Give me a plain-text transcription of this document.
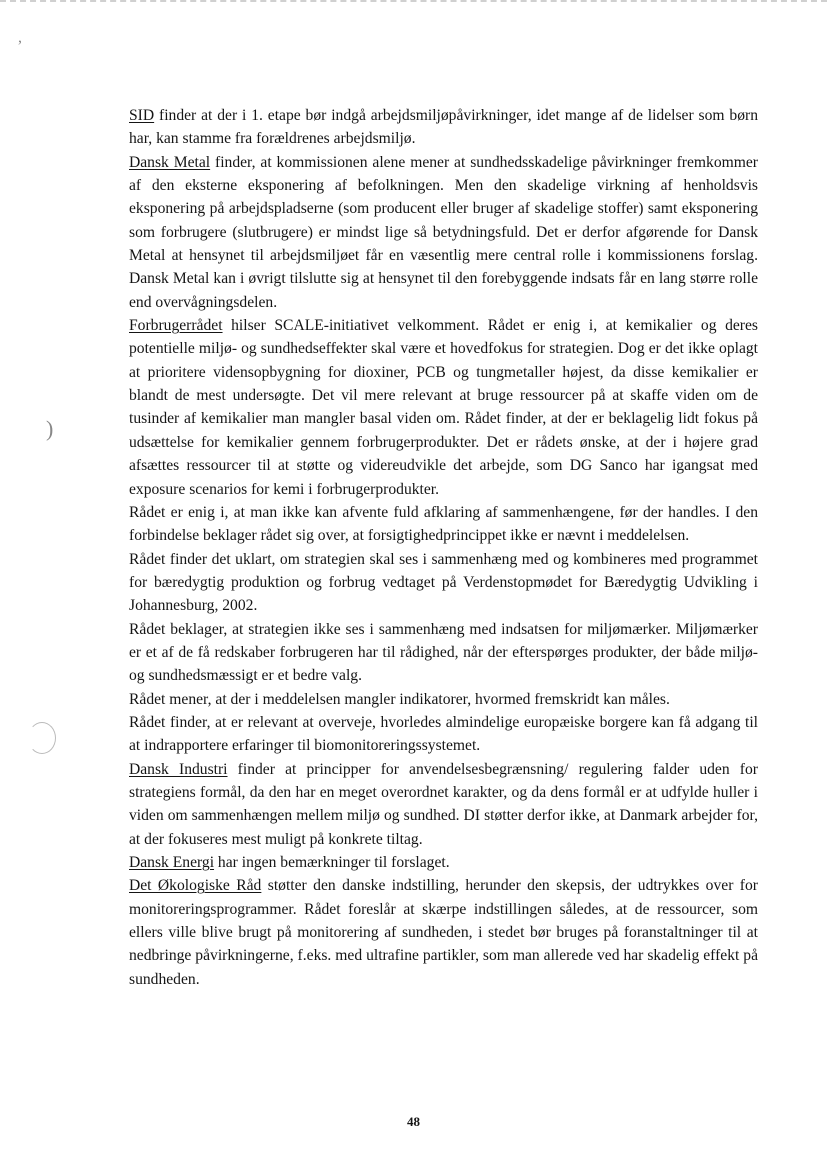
,
)

SID finder at der i 1. etape bør indgå arbejdsmiljøpåvirkninger, idet mange af de lidelser som børn har, kan stamme fra forældrenes arbejdsmiljø.

Dansk Metal finder, at kommissionen alene mener at sundhedsskadelige påvirkninger fremkommer af den eksterne eksponering af befolkningen. Men den skadelige virkning af henholdsvis eksponering på arbejdspladserne (som producent eller bruger af skadelige stoffer) samt eksponering som forbrugere (slutbrugere) er mindst lige så betydningsfuld. Det er derfor afgørende for Dansk Metal at hensynet til arbejdsmiljøet får en væsentlig mere central rolle i kommissionens forslag. Dansk Metal kan i øvrigt tilslutte sig at hensynet til den forebyggende indsats får en lang større rolle end overvågningsdelen.

Forbrugerrådet hilser SCALE-initiativet velkomment. Rådet er enig i, at kemikalier og deres potentielle miljø- og sundhedseffekter skal være et hovedfokus for strategien. Dog er det ikke oplagt at prioritere vidensopbygning for dioxiner, PCB og tungmetaller højest, da disse kemikalier er blandt de mest undersøgte. Det vil mere relevant at bruge ressourcer på at skaffe viden om de tusinder af kemikalier man mangler basal viden om. Rådet finder, at der er beklagelig lidt fokus på udsættelse for kemikalier gennem forbrugerprodukter. Det er rådets ønske, at der i højere grad afsættes ressourcer til at støtte og videreudvikle det arbejde, som DG Sanco har igangsat med exposure scenarios for kemi i forbrugerprodukter.

Rådet er enig i, at man ikke kan afvente fuld afklaring af sammenhængene, før der handles. I den forbindelse beklager rådet sig over, at forsigtighedprincippet ikke er nævnt i meddelelsen.

Rådet finder det uklart, om strategien skal ses i sammenhæng med og kombineres med programmet for bæredygtig produktion og forbrug vedtaget på Verdenstopmødet for Bæredygtig Udvikling i Johannesburg, 2002.

Rådet beklager, at strategien ikke ses i sammenhæng med indsatsen for miljømærker. Miljømærker er et af de få redskaber forbrugeren har til rådighed, når der efterspørges produkter, der både miljø- og sundhedsmæssigt er et bedre valg.

Rådet mener, at der i meddelelsen mangler indikatorer, hvormed fremskridt kan måles.

Rådet finder, at er relevant at overveje, hvorledes almindelige europæiske borgere kan få adgang til at indrapportere erfaringer til biomonitoreringssystemet.

Dansk Industri finder at principper for anvendelsesbegrænsning/ regulering falder uden for strategiens formål, da den har en meget overordnet karakter, og da dens formål er at udfylde huller i viden om sammenhængen mellem miljø og sundhed. DI støtter derfor ikke, at Danmark arbejder for, at der fokuseres mest muligt på konkrete tiltag.

Dansk Energi har ingen bemærkninger til forslaget.

Det Økologiske Råd støtter den danske indstilling, herunder den skepsis, der udtrykkes over for monitoreringsprogrammer. Rådet foreslår at skærpe indstillingen således, at de ressourcer, som ellers ville blive brugt på monitorering af sundheden, i stedet bør bruges på foranstaltninger til at nedbringe påvirkningerne, f.eks. med ultrafine partikler, som man allerede ved har skadelig effekt på sundheden.

48
